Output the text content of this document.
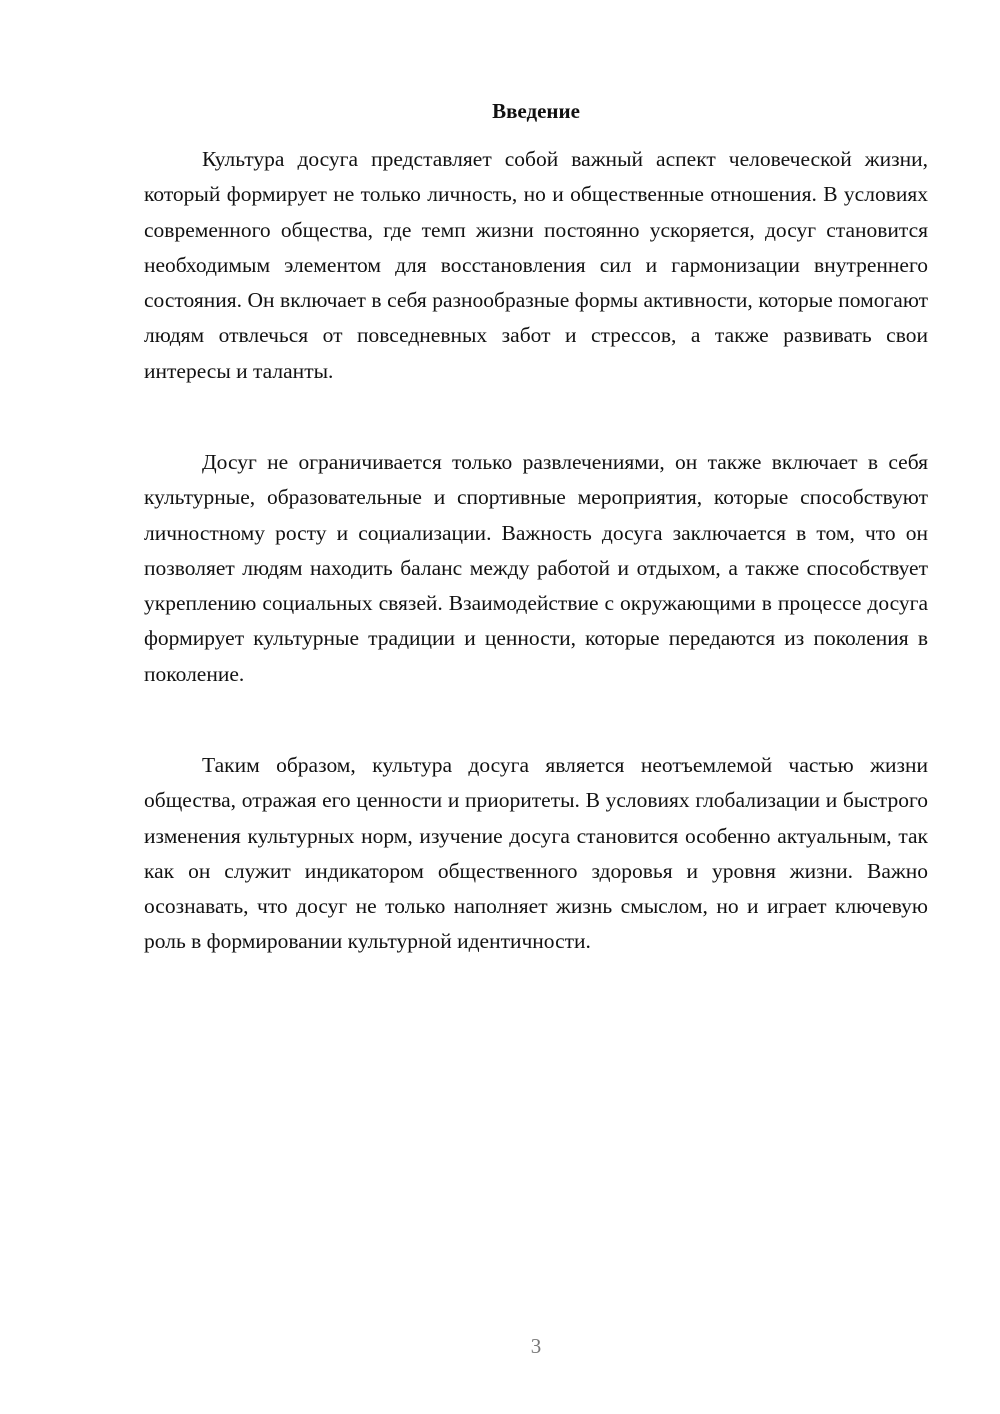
Введение

Культура досуга представляет собой важный аспект человеческой жизни, который формирует не только личность, но и общественные отношения. В условиях современного общества, где темп жизни постоянно ускоряется, досуг становится необходимым элементом для восстановления сил и гармонизации внутреннего состояния. Он включает в себя разнообразные формы активности, которые помогают людям отвлечься от повседневных забот и стрессов, а также развивать свои интересы и таланты.

Досуг не ограничивается только развлечениями, он также включает в себя культурные, образовательные и спортивные мероприятия, которые способствуют личностному росту и социализации. Важность досуга заключается в том, что он позволяет людям находить баланс между работой и отдыхом, а также способствует укреплению социальных связей. Взаимодействие с окружающими в процессе досуга формирует культурные традиции и ценности, которые передаются из поколения в поколение.

Таким образом, культура досуга является неотъемлемой частью жизни общества, отражая его ценности и приоритеты. В условиях глобализации и быстрого изменения культурных норм, изучение досуга становится особенно актуальным, так как он служит индикатором общественного здоровья и уровня жизни. Важно осознавать, что досуг не только наполняет жизнь смыслом, но и играет ключевую роль в формировании культурной идентичности.

3
